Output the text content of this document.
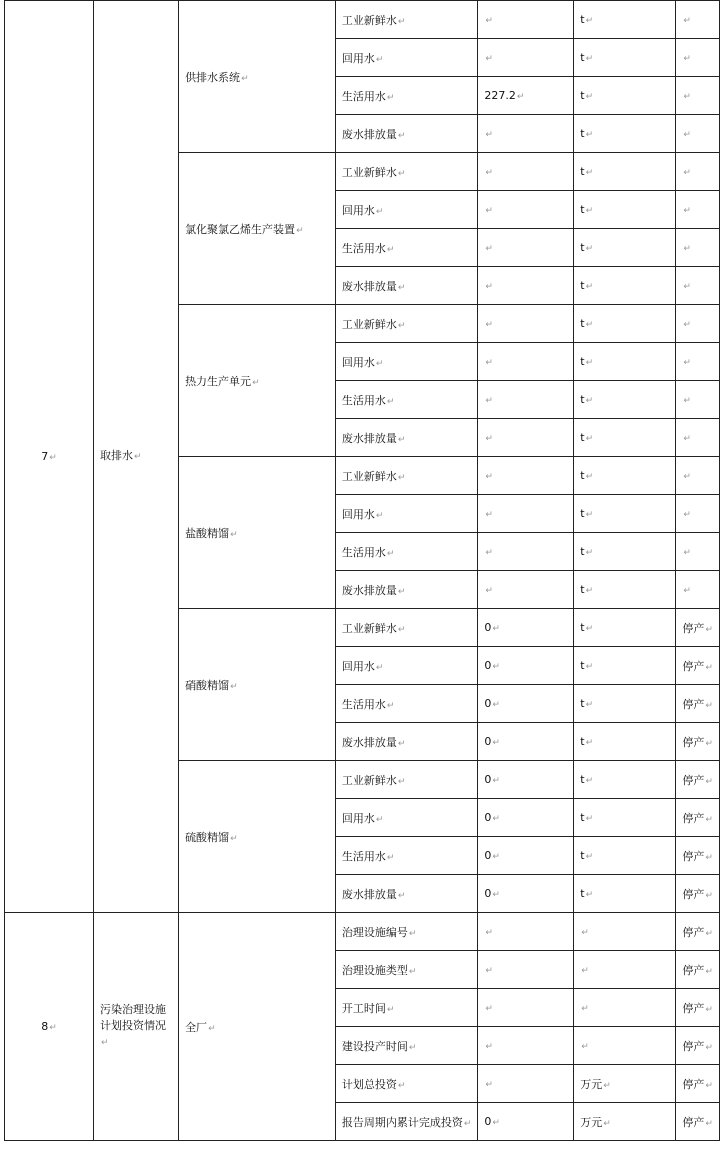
7↵	取排水↵	供排水系统↵	工业新鲜水↵	↵	t↵	↵
			回用水↵	↵	t↵	↵
			生活用水↵	227.2↵	t↵	↵
			废水排放量↵	↵	t↵	↵
		氯化聚氯乙烯生产装置↵	工业新鲜水↵	↵	t↵	↵
			回用水↵	↵	t↵	↵
			生活用水↵	↵	t↵	↵
			废水排放量↵	↵	t↵	↵
		热力生产单元↵	工业新鲜水↵	↵	t↵	↵
			回用水↵	↵	t↵	↵
			生活用水↵	↵	t↵	↵
			废水排放量↵	↵	t↵	↵
		盐酸精馏↵	工业新鲜水↵	↵	t↵	↵
			回用水↵	↵	t↵	↵
			生活用水↵	↵	t↵	↵
			废水排放量↵	↵	t↵	↵
		硝酸精馏↵	工业新鲜水↵	0↵	t↵	停产↵
			回用水↵	0↵	t↵	停产↵
			生活用水↵	0↵	t↵	停产↵
			废水排放量↵	0↵	t↵	停产↵
		硫酸精馏↵	工业新鲜水↵	0↵	t↵	停产↵
			回用水↵	0↵	t↵	停产↵
			生活用水↵	0↵	t↵	停产↵
			废水排放量↵	0↵	t↵	停产↵
8↵	污染治理设施计划投资情况↵	全厂↵	治理设施编号↵	↵	↵	停产↵
			治理设施类型↵	↵	↵	停产↵
			开工时间↵	↵	↵	停产↵
			建设投产时间↵	↵	↵	停产↵
			计划总投资↵	↵	万元↵	停产↵
			报告周期内累计完成投资↵	0↵	万元↵	停产↵
